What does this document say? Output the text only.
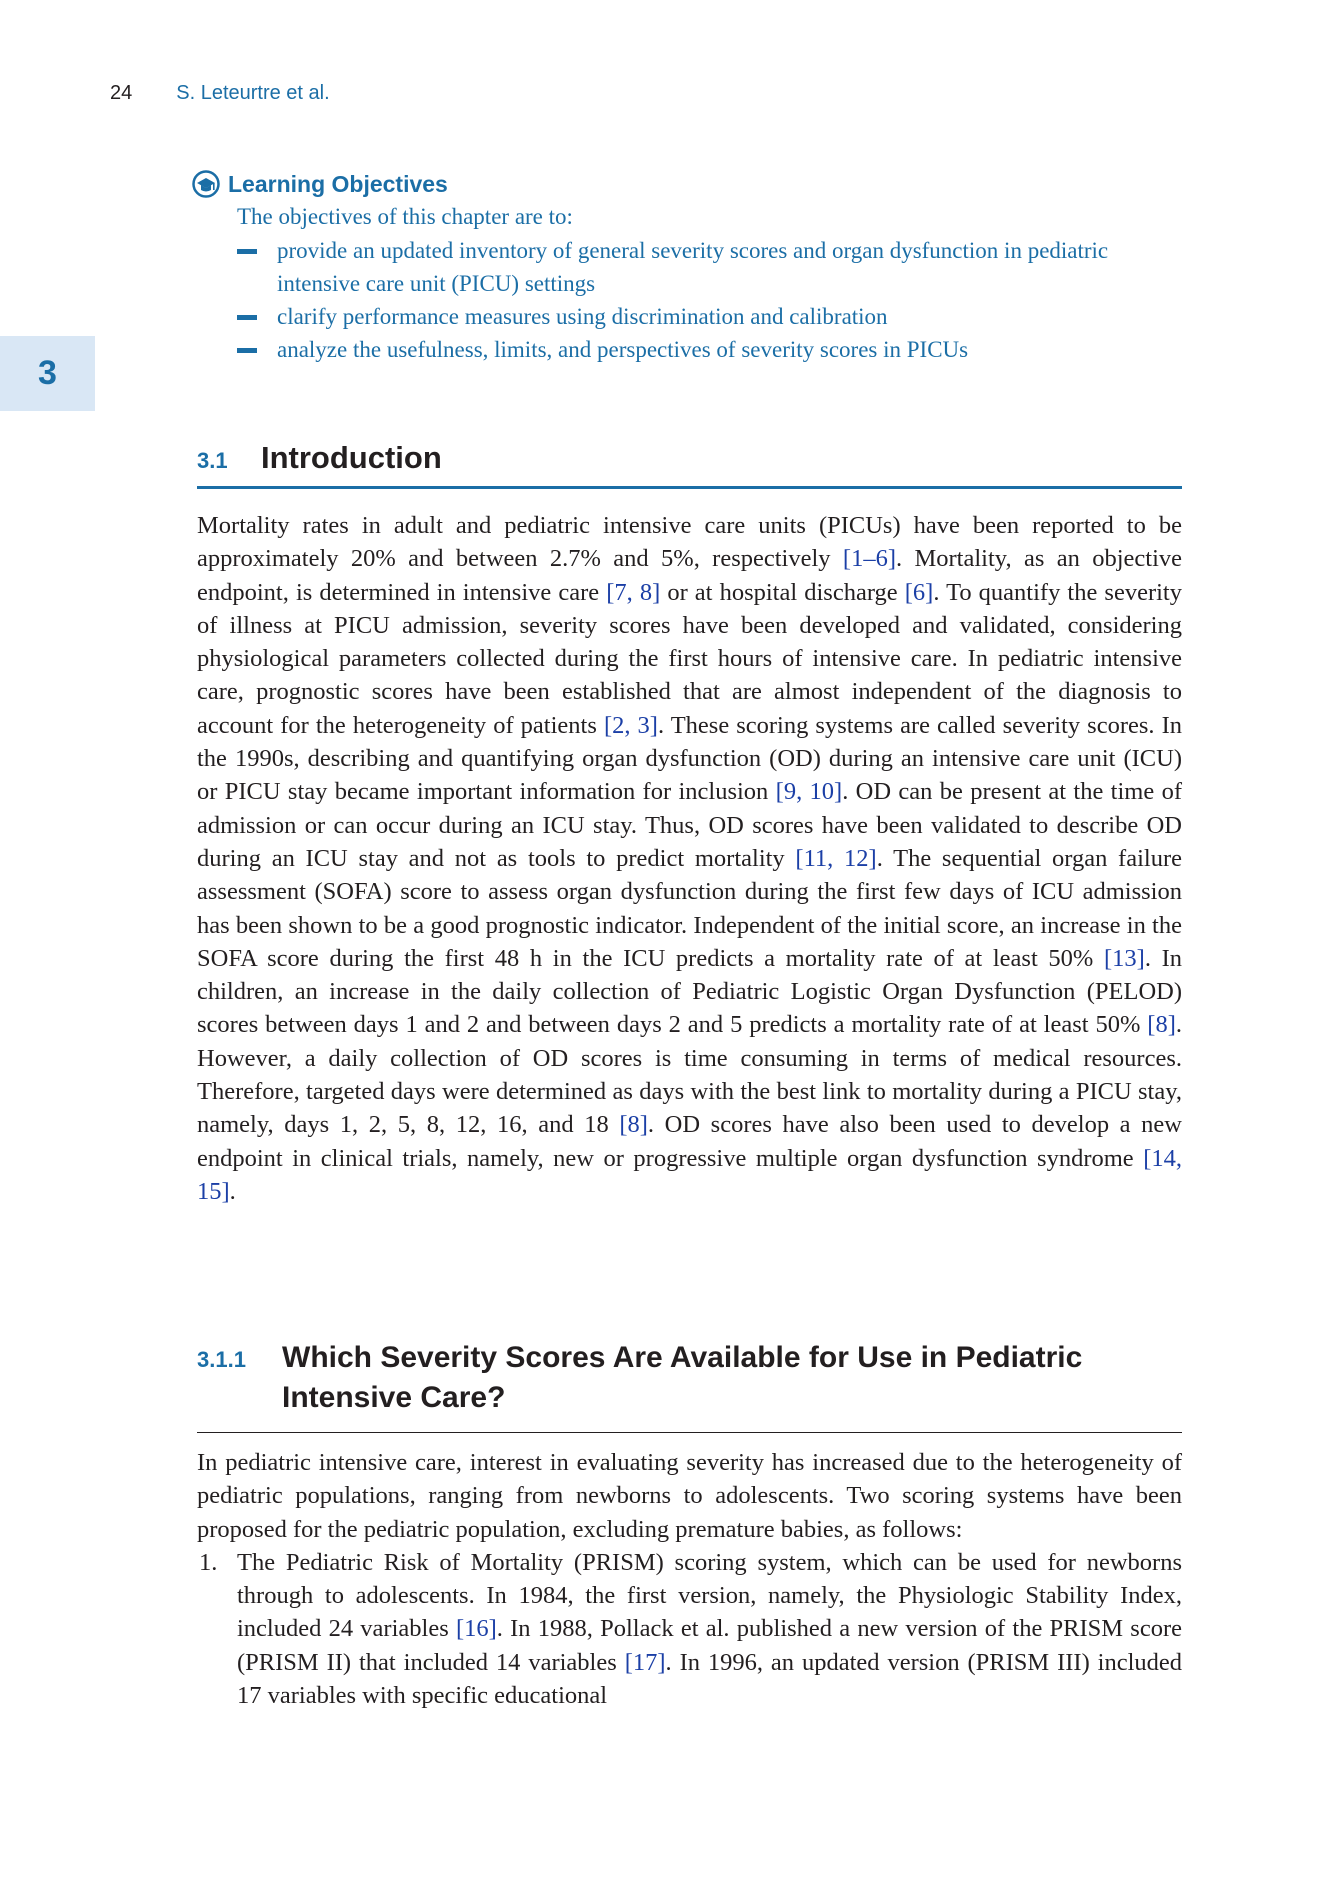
24 S. Leteurtre et al.
3
Learning Objectives
The objectives of this chapter are to:
provide an updated inventory of general severity scores and organ dysfunction in pediatric intensive care unit (PICU) settings
clarify performance measures using discrimination and calibration
analyze the usefulness, limits, and perspectives of severity scores in PICUs
3.1	Introduction

Mortality rates in adult and pediatric intensive care units (PICUs) have been reported to be approximately 20% and between 2.7% and 5%, respectively [1–6]. Mortality, as an objective endpoint, is determined in intensive care [7, 8] or at hospital discharge [6]. To quantify the severity of illness at PICU admission, severity scores have been developed and validated, considering physiological parameters collected during the first hours of intensive care. In pediatric intensive care, prognostic scores have been established that are almost independent of the diagnosis to account for the heterogeneity of patients [2, 3]. These scoring systems are called severity scores. In the 1990s, describing and quantifying organ dysfunction (OD) during an intensive care unit (ICU) or PICU stay became important information for inclusion [9, 10]. OD can be present at the time of admission or can occur during an ICU stay. Thus, OD scores have been validated to describe OD during an ICU stay and not as tools to predict mortality [11, 12]. The sequential organ failure assessment (SOFA) score to assess organ dysfunction during the first few days of ICU admission has been shown to be a good prognostic indicator. Independent of the initial score, an increase in the SOFA score during the first 48 h in the ICU predicts a mortality rate of at least 50% [13]. In children, an increase in the daily collection of Pediatric Logistic Organ Dysfunction (PELOD) scores between days 1 and 2 and between days 2 and 5 predicts a mortality rate of at least 50% [8]. However, a daily collection of OD scores is time consuming in terms of medical resources. Therefore, targeted days were determined as days with the best link to mortality during a PICU stay, namely, days 1, 2, 5, 8, 12, 16, and 18 [8]. OD scores have also been used to develop a new endpoint in clinical trials, namely, new or progressive multiple organ dysfunction syndrome [14, 15].

3.1.1	Which Severity Scores Are Available for Use in Pediatric Intensive Care?

In pediatric intensive care, interest in evaluating severity has increased due to the heterogeneity of pediatric populations, ranging from newborns to adolescents. Two scoring systems have been proposed for the pediatric population, excluding premature babies, as follows:

1. The Pediatric Risk of Mortality (PRISM) scoring system, which can be used for newborns through to adolescents. In 1984, the first version, namely, the Physiologic Stability Index, included 24 variables [16]. In 1988, Pollack et al. published a new version of the PRISM score (PRISM II) that included 14 variables [17]. In 1996, an updated version (PRISM III) included 17 variables with specific educational
